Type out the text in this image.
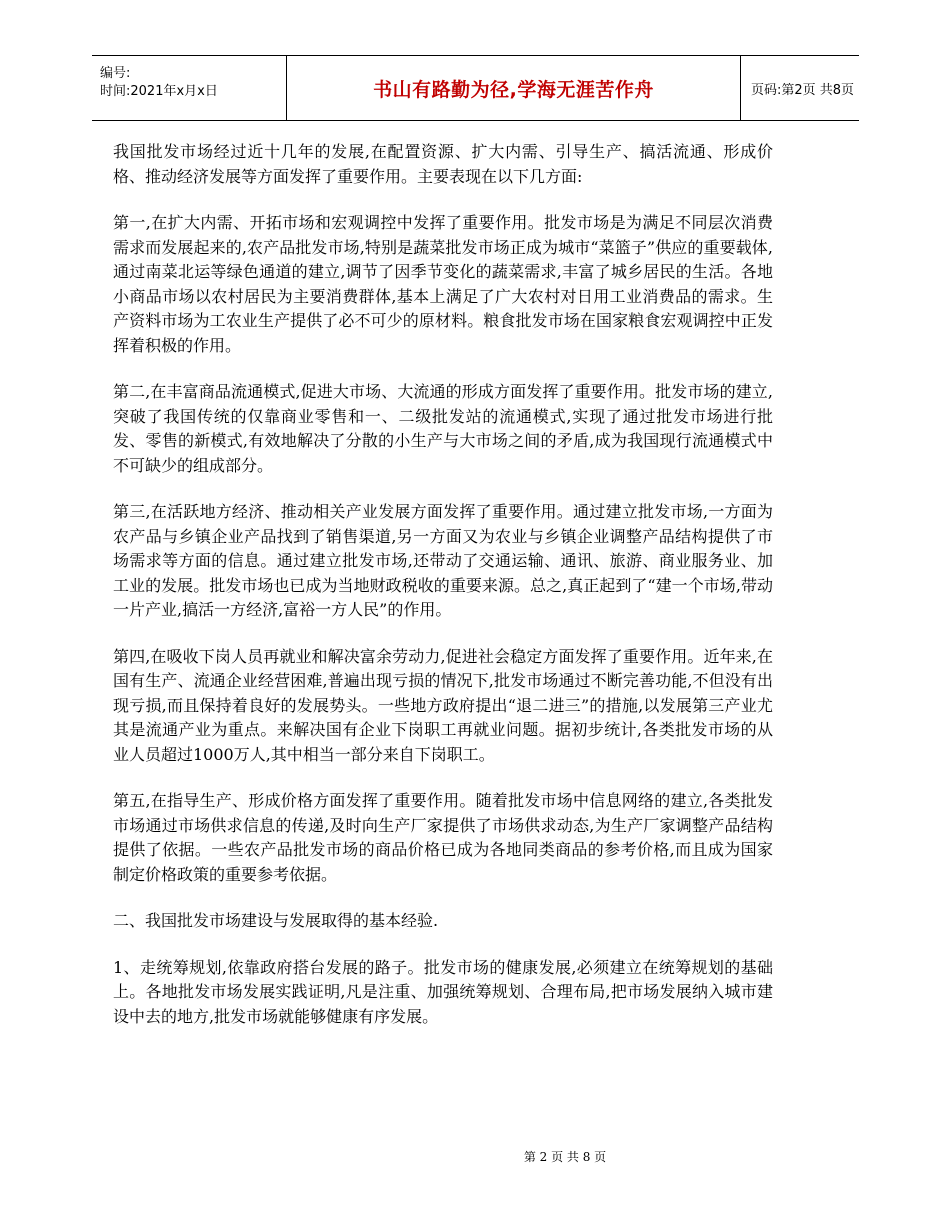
编号:
时间:2021年x月x日	书山有路勤为径,学海无涯苦作舟	页码:第2页 共8页

我国批发市场经过近十几年的发展,在配置资源、扩大内需、引导生产、搞活流通、形成价格、推动经济发展等方面发挥了重要作用。主要表现在以下几方面:

第一,在扩大内需、开拓市场和宏观调控中发挥了重要作用。批发市场是为满足不同层次消费需求而发展起来的,农产品批发市场,特别是蔬菜批发市场正成为城市“菜篮子”供应的重要载体,通过南菜北运等绿色通道的建立,调节了因季节变化的蔬菜需求,丰富了城乡居民的生活。各地小商品市场以农村居民为主要消费群体,基本上满足了广大农村对日用工业消费品的需求。生产资料市场为工农业生产提供了必不可少的原材料。粮食批发市场在国家粮食宏观调控中正发挥着积极的作用。

第二,在丰富商品流通模式,促进大市场、大流通的形成方面发挥了重要作用。批发市场的建立,突破了我国传统的仅靠商业零售和一、二级批发站的流通模式,实现了通过批发市场进行批发、零售的新模式,有效地解决了分散的小生产与大市场之间的矛盾,成为我国现行流通模式中不可缺少的组成部分。

第三,在活跃地方经济、推动相关产业发展方面发挥了重要作用。通过建立批发市场,一方面为农产品与乡镇企业产品找到了销售渠道,另一方面又为农业与乡镇企业调整产品结构提供了市场需求等方面的信息。通过建立批发市场,还带动了交通运输、通讯、旅游、商业服务业、加工业的发展。批发市场也已成为当地财政税收的重要来源。总之,真正起到了“建一个市场,带动一片产业,搞活一方经济,富裕一方人民”的作用。

第四,在吸收下岗人员再就业和解决富余劳动力,促进社会稳定方面发挥了重要作用。近年来,在国有生产、流通企业经营困难,普遍出现亏损的情况下,批发市场通过不断完善功能,不但没有出现亏损,而且保持着良好的发展势头。一些地方政府提出“退二进三”的措施,以发展第三产业尤其是流通产业为重点。来解决国有企业下岗职工再就业问题。据初步统计,各类批发市场的从业人员超过1000万人,其中相当一部分来自下岗职工。

第五,在指导生产、形成价格方面发挥了重要作用。随着批发市场中信息网络的建立,各类批发市场通过市场供求信息的传递,及时向生产厂家提供了市场供求动态,为生产厂家调整产品结构提供了依据。一些农产品批发市场的商品价格已成为各地同类商品的参考价格,而且成为国家制定价格政策的重要参考依据。

二、我国批发市场建设与发展取得的基本经验.

1、走统筹规划,依靠政府搭台发展的路子。批发市场的健康发展,必须建立在统筹规划的基础上。各地批发市场发展实践证明,凡是注重、加强统筹规划、合理布局,把市场发展纳入城市建设中去的地方,批发市场就能够健康有序发展。

第 2 页 共 8 页
